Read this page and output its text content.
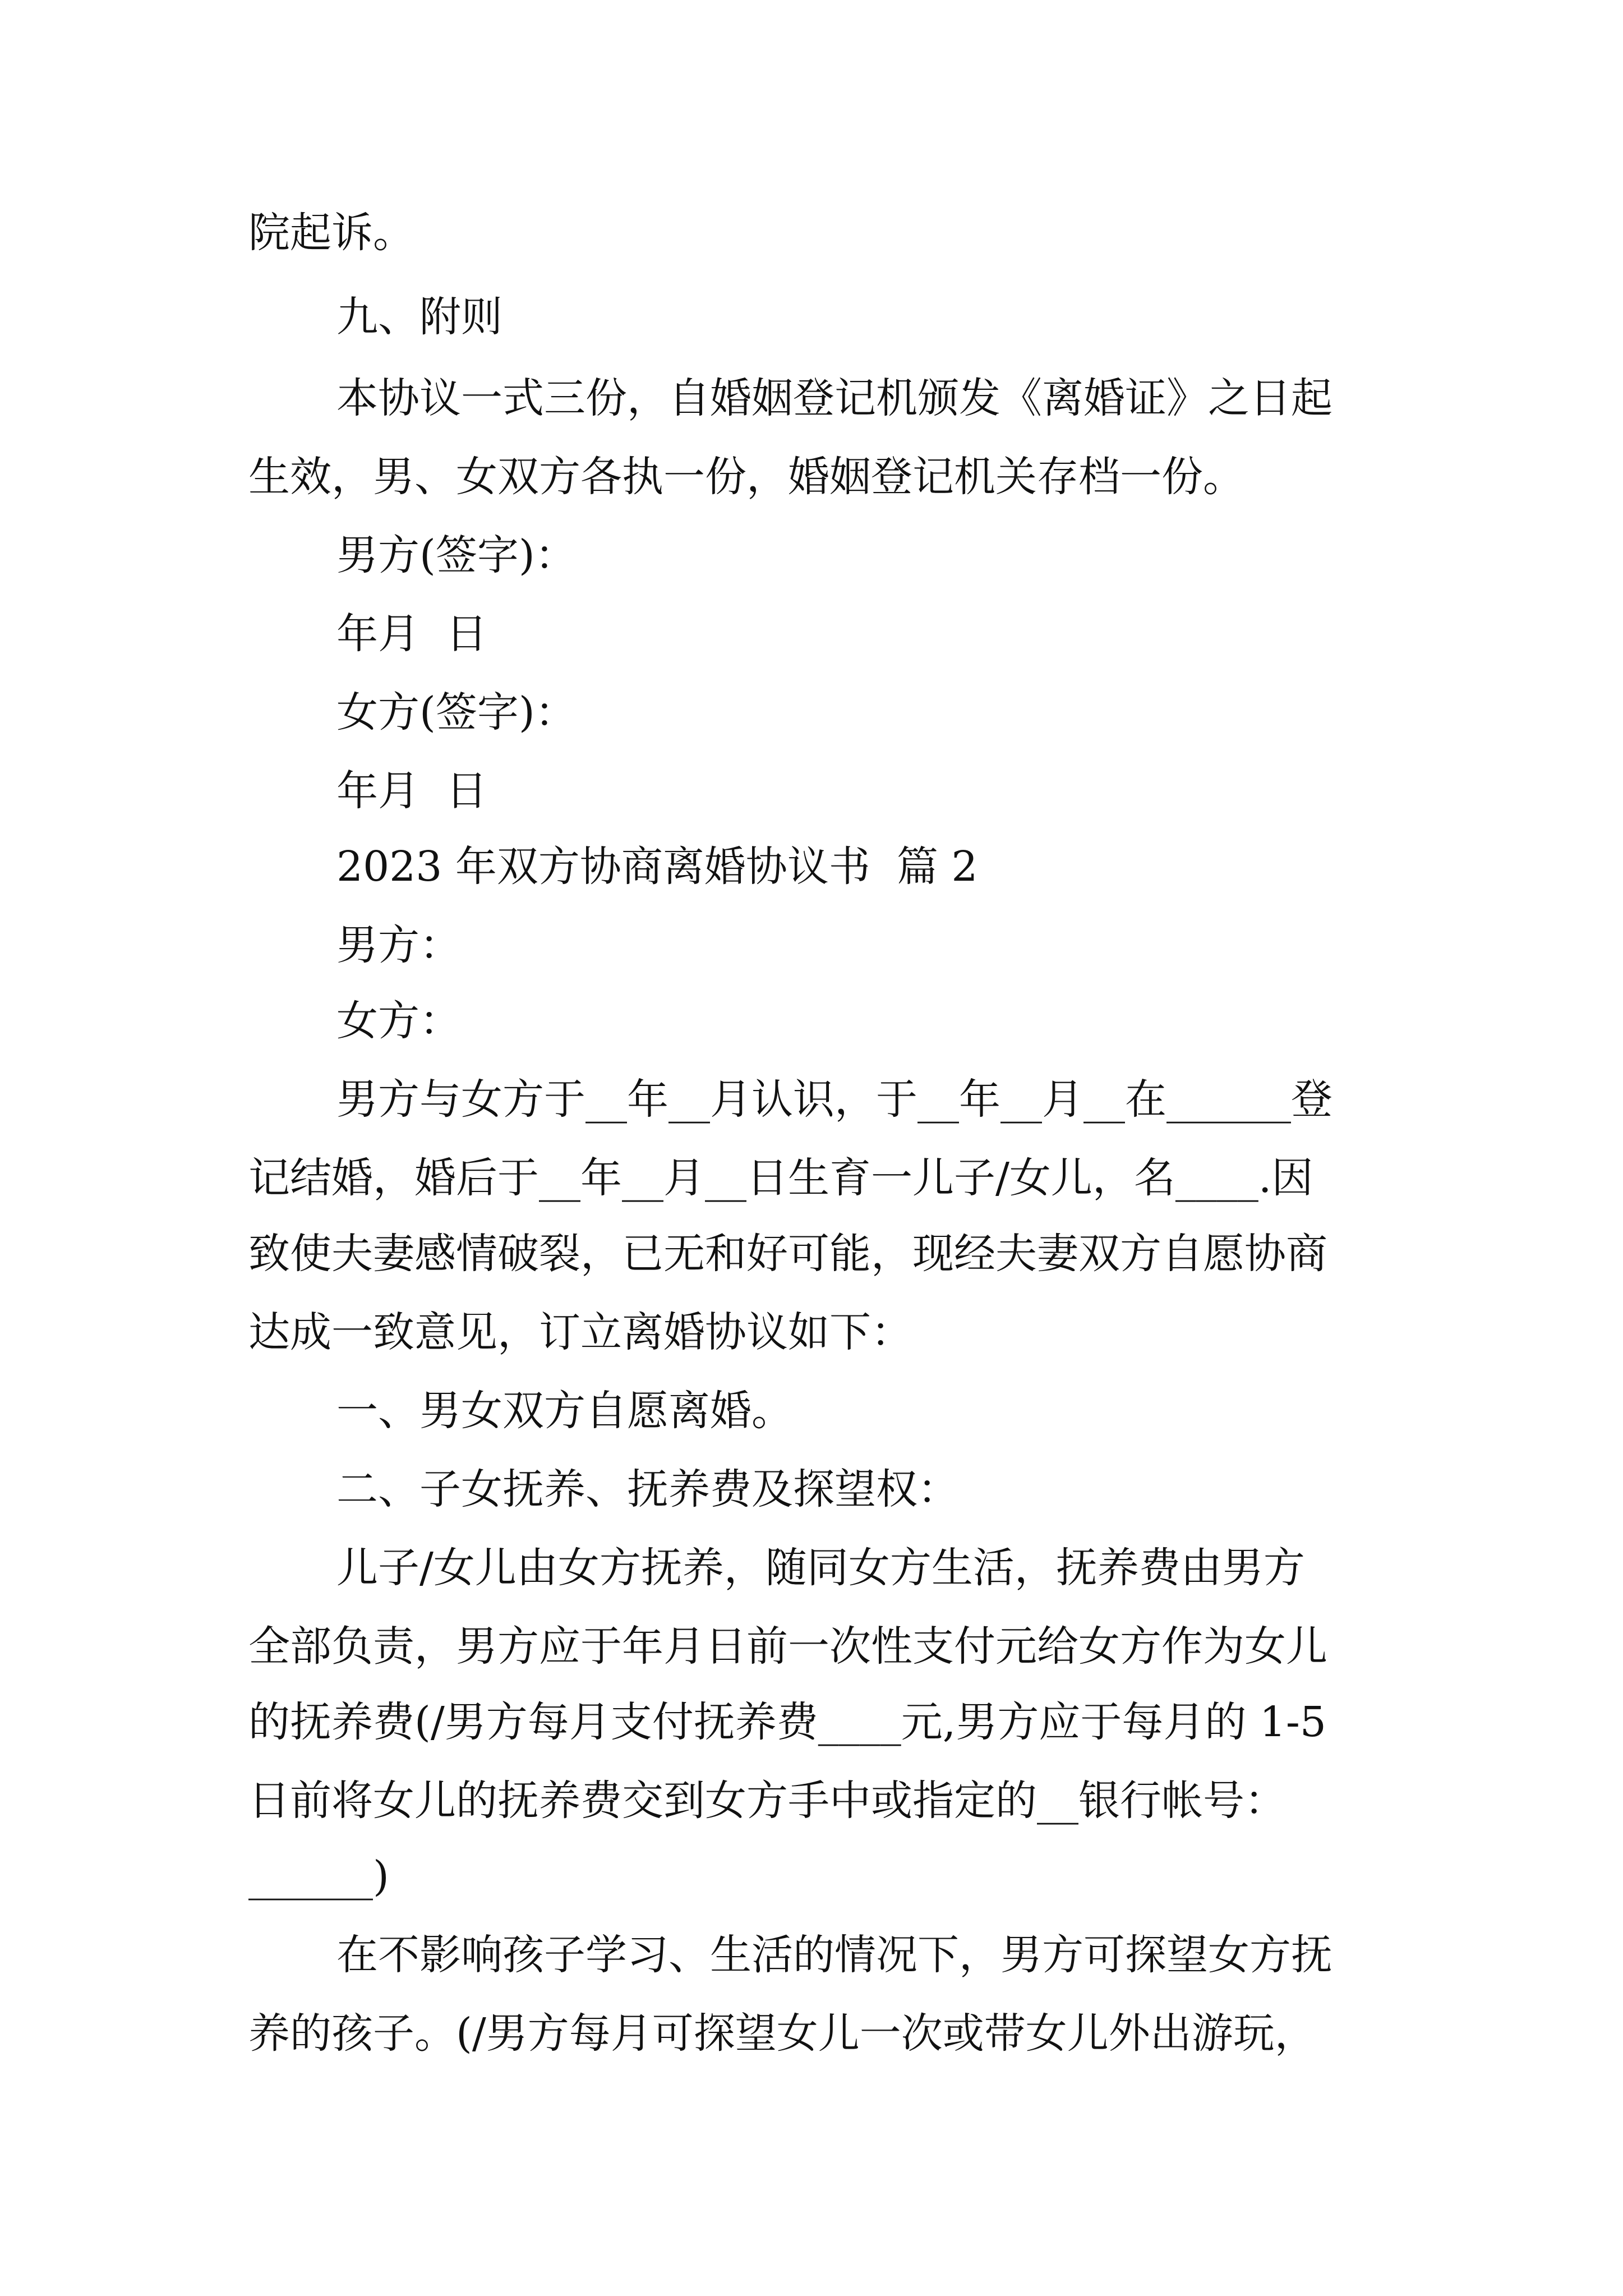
院起诉。
九、附则
本协议一式三份，自婚姻登记机颁发《离婚证》之日起
生效，男、女双方各执一份，婚姻登记机关存档一份。
男方(签字)：
年月  日
女方(签字)：
年月  日
2023 年双方协商离婚协议书  篇 2
男方：
女方：
男方与女方于__年__月认识，于__年__月__在______登
记结婚，婚后于__年__月__日生育一儿子/女儿，名____.因
致使夫妻感情破裂，已无和好可能，现经夫妻双方自愿协商
达成一致意见，订立离婚协议如下：
一、男女双方自愿离婚。
二、子女抚养、抚养费及探望权：
儿子/女儿由女方抚养，随同女方生活，抚养费由男方
全部负责，男方应于年月日前一次性支付元给女方作为女儿
的抚养费(/男方每月支付抚养费____元,男方应于每月的 1-5
日前将女儿的抚养费交到女方手中或指定的__银行帐号：
______)
在不影响孩子学习、生活的情况下，男方可探望女方抚
养的孩子。(/男方每月可探望女儿一次或带女儿外出游玩，
